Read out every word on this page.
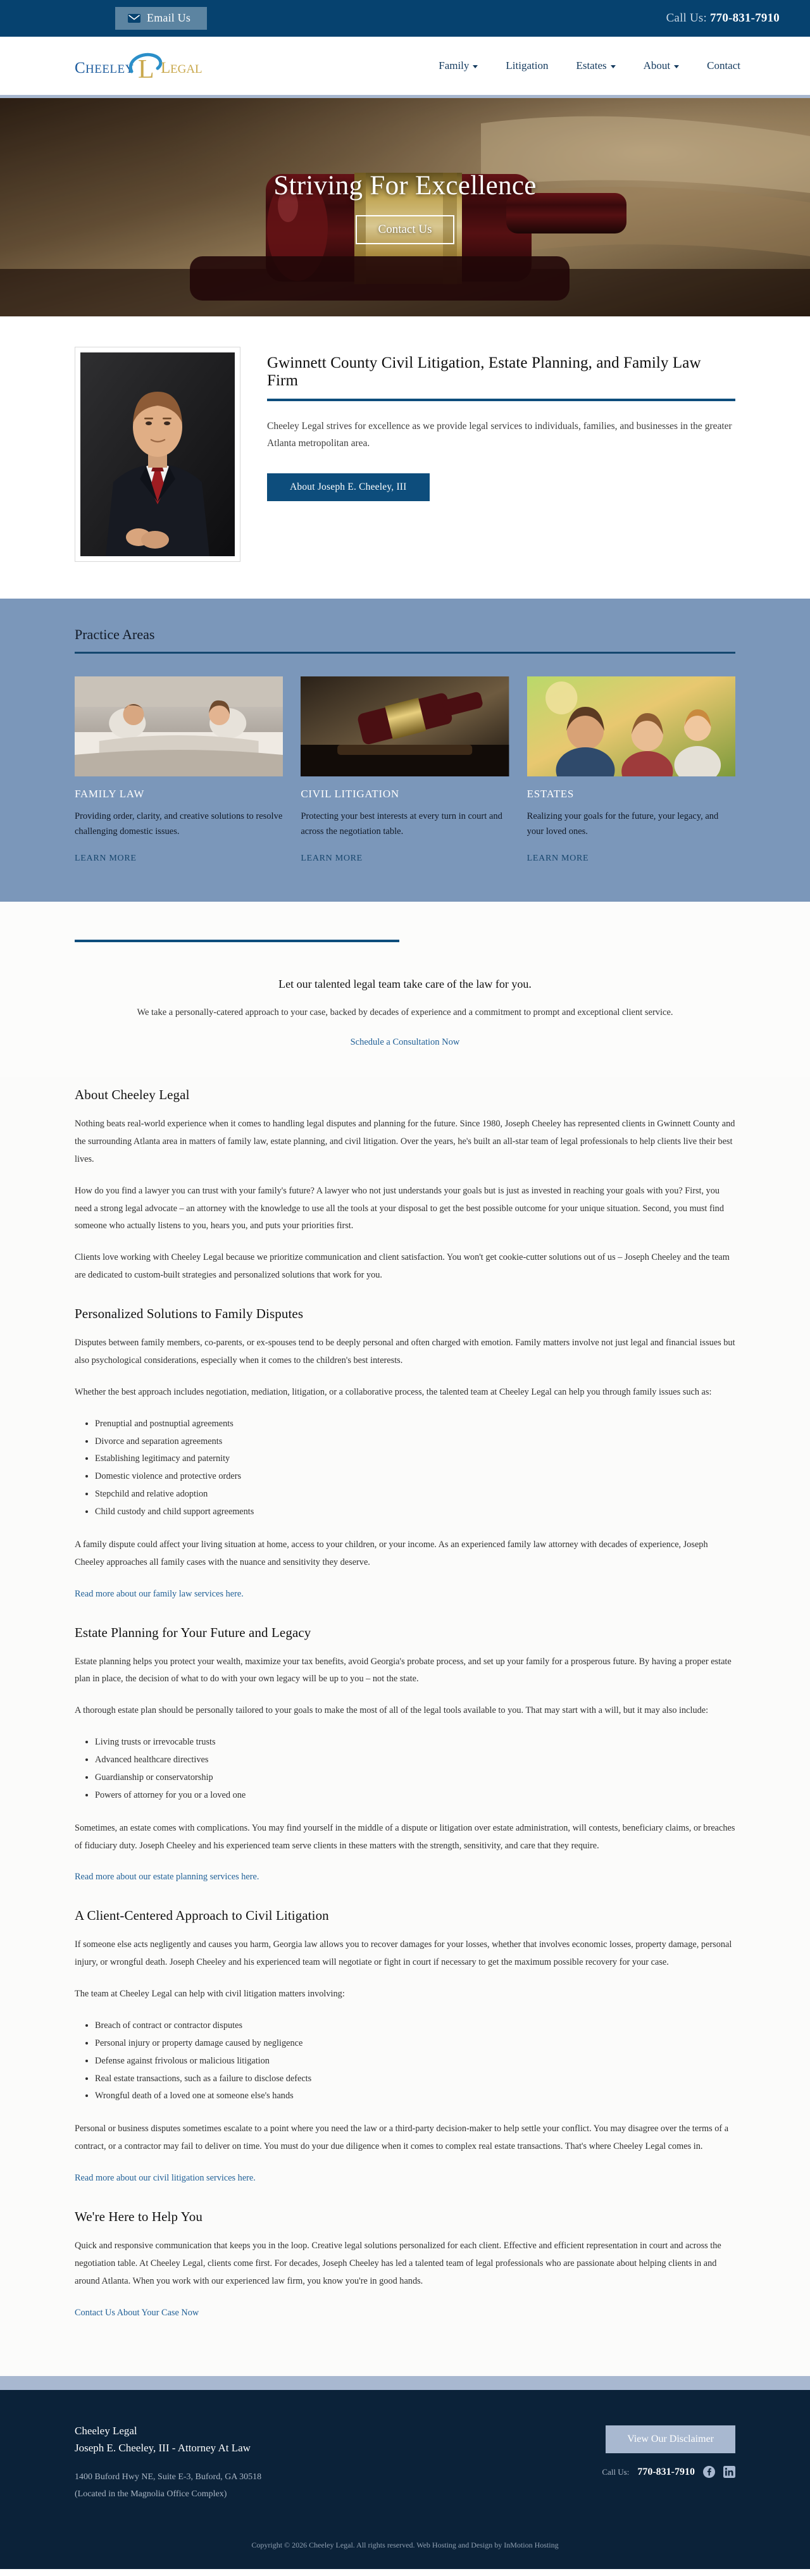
Email Us	Call Us: 770-831-7910
C HEELEY L L EGAL	Family	Litigation	Estates	About	Contact
Striving For Excellence
Contact Us
Gwinnett County Civil Litigation, Estate Planning, and Family Law Firm

Cheeley Legal strives for excellence as we provide legal services to individuals, families, and businesses in the greater Atlanta metropolitan area.

About Joseph E. Cheeley, III
Practice Areas
FAMILY LAW
Providing order, clarity, and creative solutions to resolve challenging domestic issues.
LEARN MORE
CIVIL LITIGATION
Protecting your best interests at every turn in court and across the negotiation table.
LEARN MORE
ESTATES
Realizing your goals for the future, your legacy, and your loved ones.
LEARN MORE
Let our talented legal team take care of the law for you.
We take a personally-catered approach to your case, backed by decades of experience and a commitment to prompt and exceptional client service.
Schedule a Consultation Now
About Cheeley Legal

Nothing beats real-world experience when it comes to handling legal disputes and planning for the future. Since 1980, Joseph Cheeley has represented clients in Gwinnett County and the surrounding Atlanta area in matters of family law, estate planning, and civil litigation. Over the years, he's built an all-star team of legal professionals to help clients live their best lives.

How do you find a lawyer you can trust with your family's future? A lawyer who not just understands your goals but is just as invested in reaching your goals with you? First, you need a strong legal advocate – an attorney with the knowledge to use all the tools at your disposal to get the best possible outcome for your unique situation. Second, you must find someone who actually listens to you, hears you, and puts your priorities first.

Clients love working with Cheeley Legal because we prioritize communication and client satisfaction. You won't get cookie-cutter solutions out of us – Joseph Cheeley and the team are dedicated to custom-built strategies and personalized solutions that work for you.

Personalized Solutions to Family Disputes

Disputes between family members, co-parents, or ex-spouses tend to be deeply personal and often charged with emotion. Family matters involve not just legal and financial issues but also psychological considerations, especially when it comes to the children's best interests.

Whether the best approach includes negotiation, mediation, litigation, or a collaborative process, the talented team at Cheeley Legal can help you through family issues such as:

• Prenuptial and postnuptial agreements
• Divorce and separation agreements
• Establishing legitimacy and paternity
• Domestic violence and protective orders
• Stepchild and relative adoption
• Child custody and child support agreements

A family dispute could affect your living situation at home, access to your children, or your income. As an experienced family law attorney with decades of experience, Joseph Cheeley approaches all family cases with the nuance and sensitivity they deserve.

Read more about our family law services here.

Estate Planning for Your Future and Legacy

Estate planning helps you protect your wealth, maximize your tax benefits, avoid Georgia's probate process, and set up your family for a prosperous future. By having a proper estate plan in place, the decision of what to do with your own legacy will be up to you – not the state.

A thorough estate plan should be personally tailored to your goals to make the most of all of the legal tools available to you. That may start with a will, but it may also include:

• Living trusts or irrevocable trusts
• Advanced healthcare directives
• Guardianship or conservatorship
• Powers of attorney for you or a loved one

Sometimes, an estate comes with complications. You may find yourself in the middle of a dispute or litigation over estate administration, will contests, beneficiary claims, or breaches of fiduciary duty. Joseph Cheeley and his experienced team serve clients in these matters with the strength, sensitivity, and care that they require.

Read more about our estate planning services here.

A Client-Centered Approach to Civil Litigation

If someone else acts negligently and causes you harm, Georgia law allows you to recover damages for your losses, whether that involves economic losses, property damage, personal injury, or wrongful death. Joseph Cheeley and his experienced team will negotiate or fight in court if necessary to get the maximum possible recovery for your case.

The team at Cheeley Legal can help with civil litigation matters involving:

• Breach of contract or contractor disputes
• Personal injury or property damage caused by negligence
• Defense against frivolous or malicious litigation
• Real estate transactions, such as a failure to disclose defects
• Wrongful death of a loved one at someone else's hands

Personal or business disputes sometimes escalate to a point where you need the law or a third-party decision-maker to help settle your conflict. You may disagree over the terms of a contract, or a contractor may fail to deliver on time. You must do your due diligence when it comes to complex real estate transactions. That's where Cheeley Legal comes in.

Read more about our civil litigation services here.

We're Here to Help You

Quick and responsive communication that keeps you in the loop. Creative legal solutions personalized for each client. Effective and efficient representation in court and across the negotiation table. At Cheeley Legal, clients come first. For decades, Joseph Cheeley has led a talented team of legal professionals who are passionate about helping clients in and around Atlanta. When you work with our experienced law firm, you know you're in good hands.

Contact Us About Your Case Now

Cheeley Legal
Joseph E. Cheeley, III - Attorney At Law
1400 Buford Hwy NE, Suite E-3, Buford, GA 30518
(Located in the Magnolia Office Complex)
View Our Disclaimer
Call Us: 770-831-7910
Copyright © 2026 Cheeley Legal. All rights reserved. Web Hosting and Design by InMotion Hosting
